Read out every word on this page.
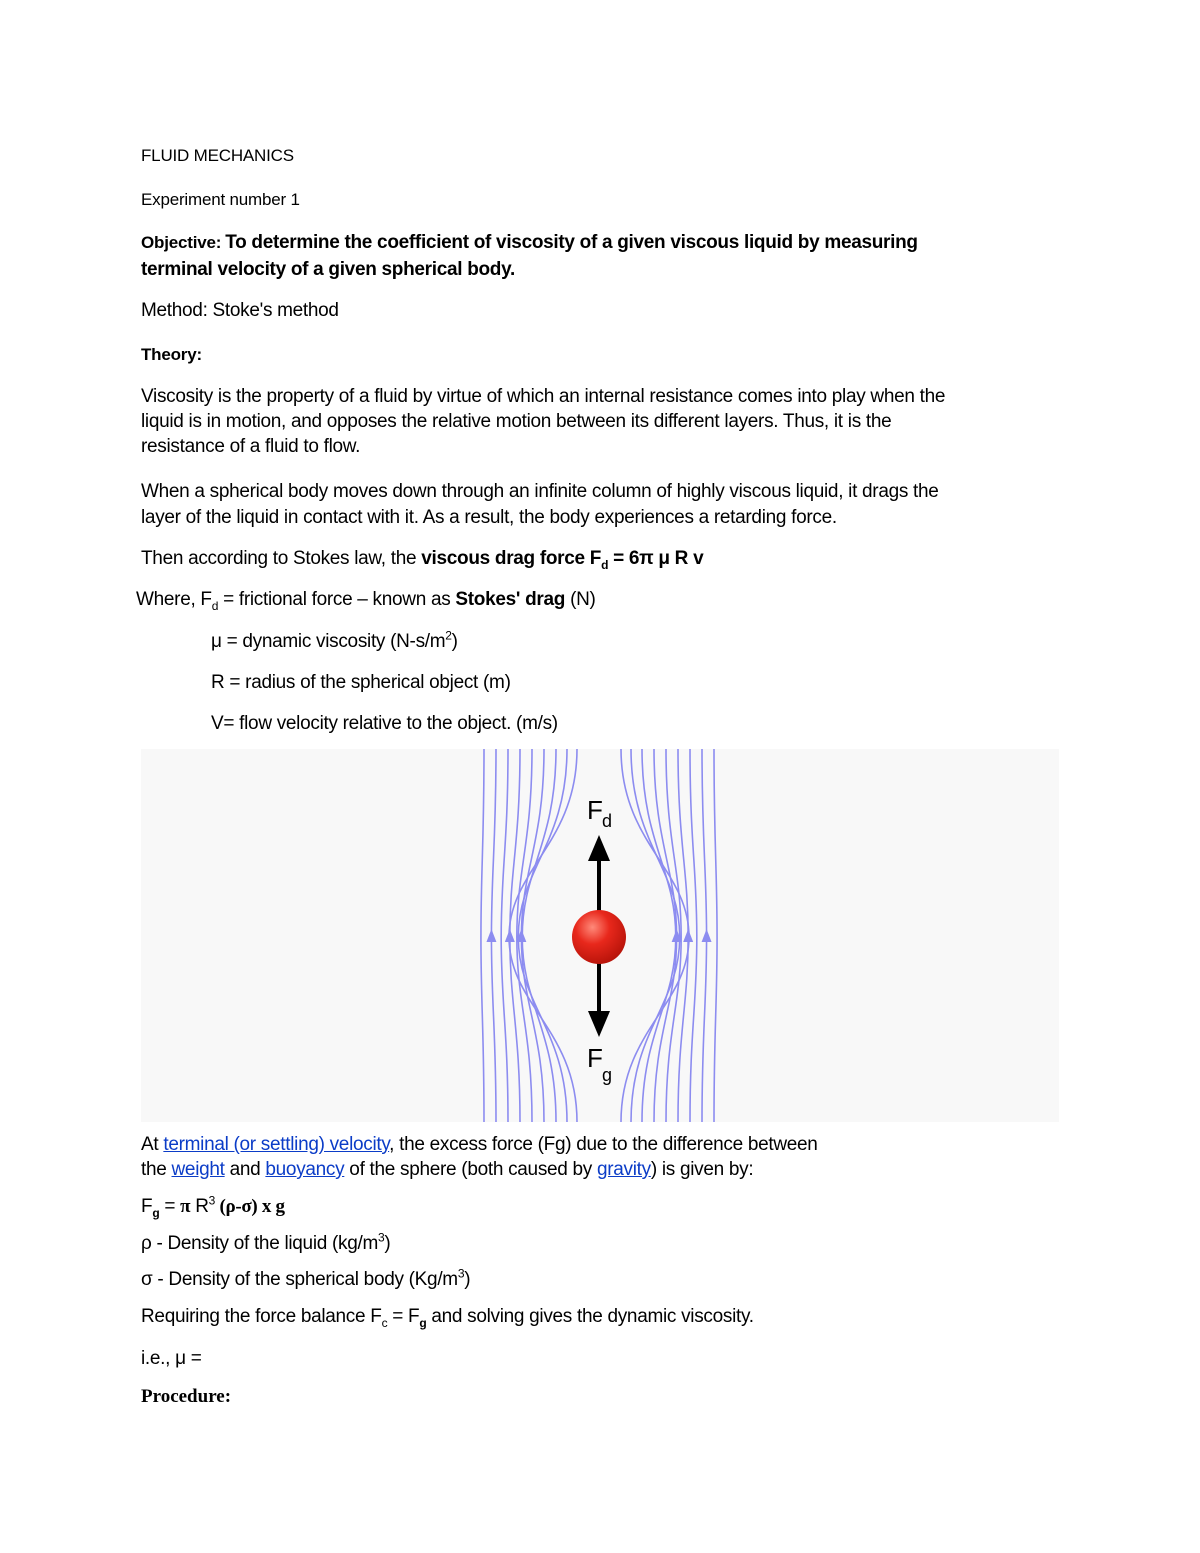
FLUID MECHANICS
Experiment number 1
Objective: To determine the coefficient of viscosity of a given viscous liquid by measuring
terminal velocity of a given spherical body.
Method: Stoke's method
Theory:
Viscosity is the property of a fluid by virtue of which an internal resistance comes into play when the
liquid is in motion, and opposes the relative motion between its different layers. Thus, it is the
resistance of a fluid to flow.
When a spherical body moves down through an infinite column of highly viscous liquid, it drags the
layer of the liquid in contact with it. As a result, the body experiences a retarding force.
Then according to Stokes law, the viscous drag force $F_d = 6\pi$ μ R v
Where, $F_d$ = frictional force – known as Stokes' drag (N)
μ = dynamic viscosity $(N-s/m^2)$
R = radius of the spherical object (m)
V= flow velocity relative to the object. (m/s)
F d
F
g
At terminal (or settling) velocity, the excess force (Fg) due to the difference between
the weight and buoyancy of the sphere (both caused by gravity) is given by:
$F_g = \pi$ $R^3$ (ρ-σ) x g
ρ - Density of the liquid $(kg/m^3)$
σ - Density of the spherical body $(Kg/m^3)$
Requiring the force balance $F_c = F_g$ and solving gives the dynamic viscosity.
i.e., μ =
Procedure:
